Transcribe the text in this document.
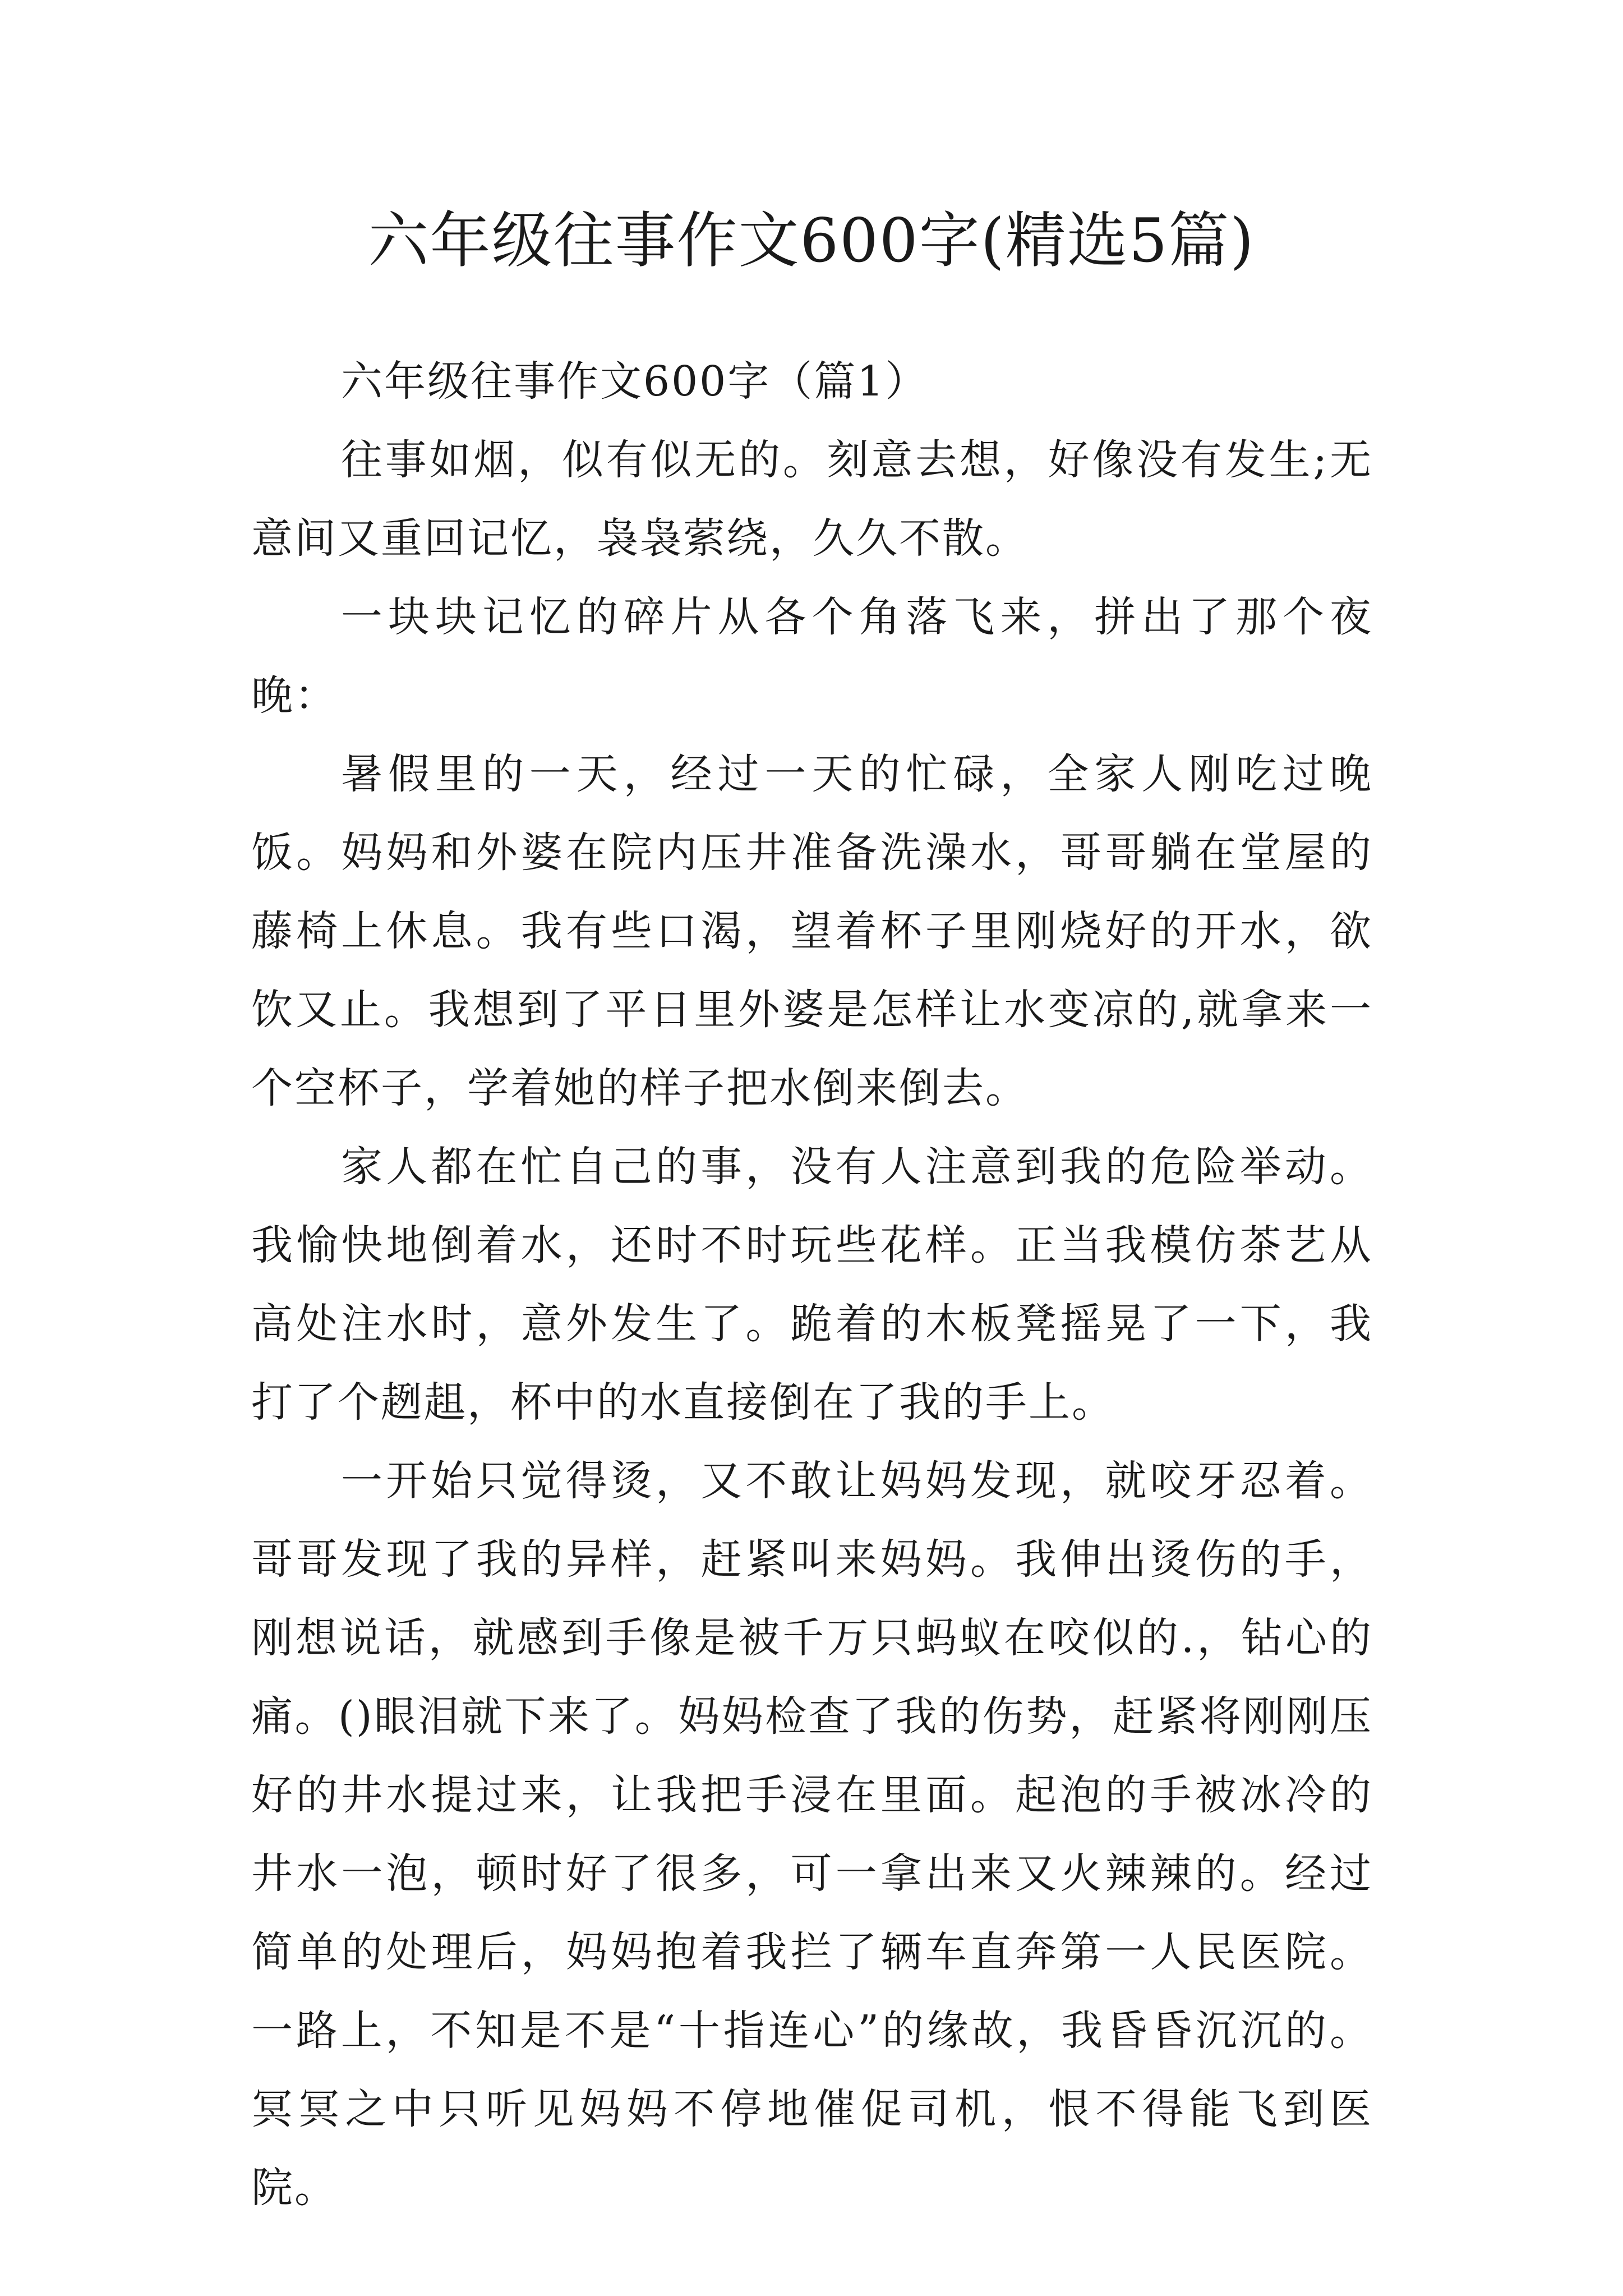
六年级往事作文600字(精选5篇)

六年级往事作文600字（篇1）

往事如烟，似有似无的。刻意去想，好像没有发生;无意间又重回记忆，袅袅萦绕，久久不散。

一块块记忆的碎片从各个角落飞来，拼出了那个夜晚：

暑假里的一天，经过一天的忙碌，全家人刚吃过晚饭。妈妈和外婆在院内压井准备洗澡水，哥哥躺在堂屋的藤椅上休息。我有些口渴，望着杯子里刚烧好的开水，欲饮又止。我想到了平日里外婆是怎样让水变凉的,就拿来一个空杯子，学着她的样子把水倒来倒去。

家人都在忙自己的事，没有人注意到我的危险举动。我愉快地倒着水，还时不时玩些花样。正当我模仿茶艺从高处注水时，意外发生了。跪着的木板凳摇晃了一下，我打了个趔趄，杯中的水直接倒在了我的手上。

一开始只觉得烫，又不敢让妈妈发现，就咬牙忍着。哥哥发现了我的异样，赶紧叫来妈妈。我伸出烫伤的手，刚想说话，就感到手像是被千万只蚂蚁在咬似的.，钻心的痛。()眼泪就下来了。妈妈检查了我的伤势，赶紧将刚刚压好的井水提过来，让我把手浸在里面。起泡的手被冰冷的井水一泡，顿时好了很多，可一拿出来又火辣辣的。经过简单的处理后，妈妈抱着我拦了辆车直奔第一人民医院。一路上，不知是不是“十指连心”的缘故，我昏昏沉沉的。冥冥之中只听见妈妈不停地催促司机，恨不得能飞到医院。
